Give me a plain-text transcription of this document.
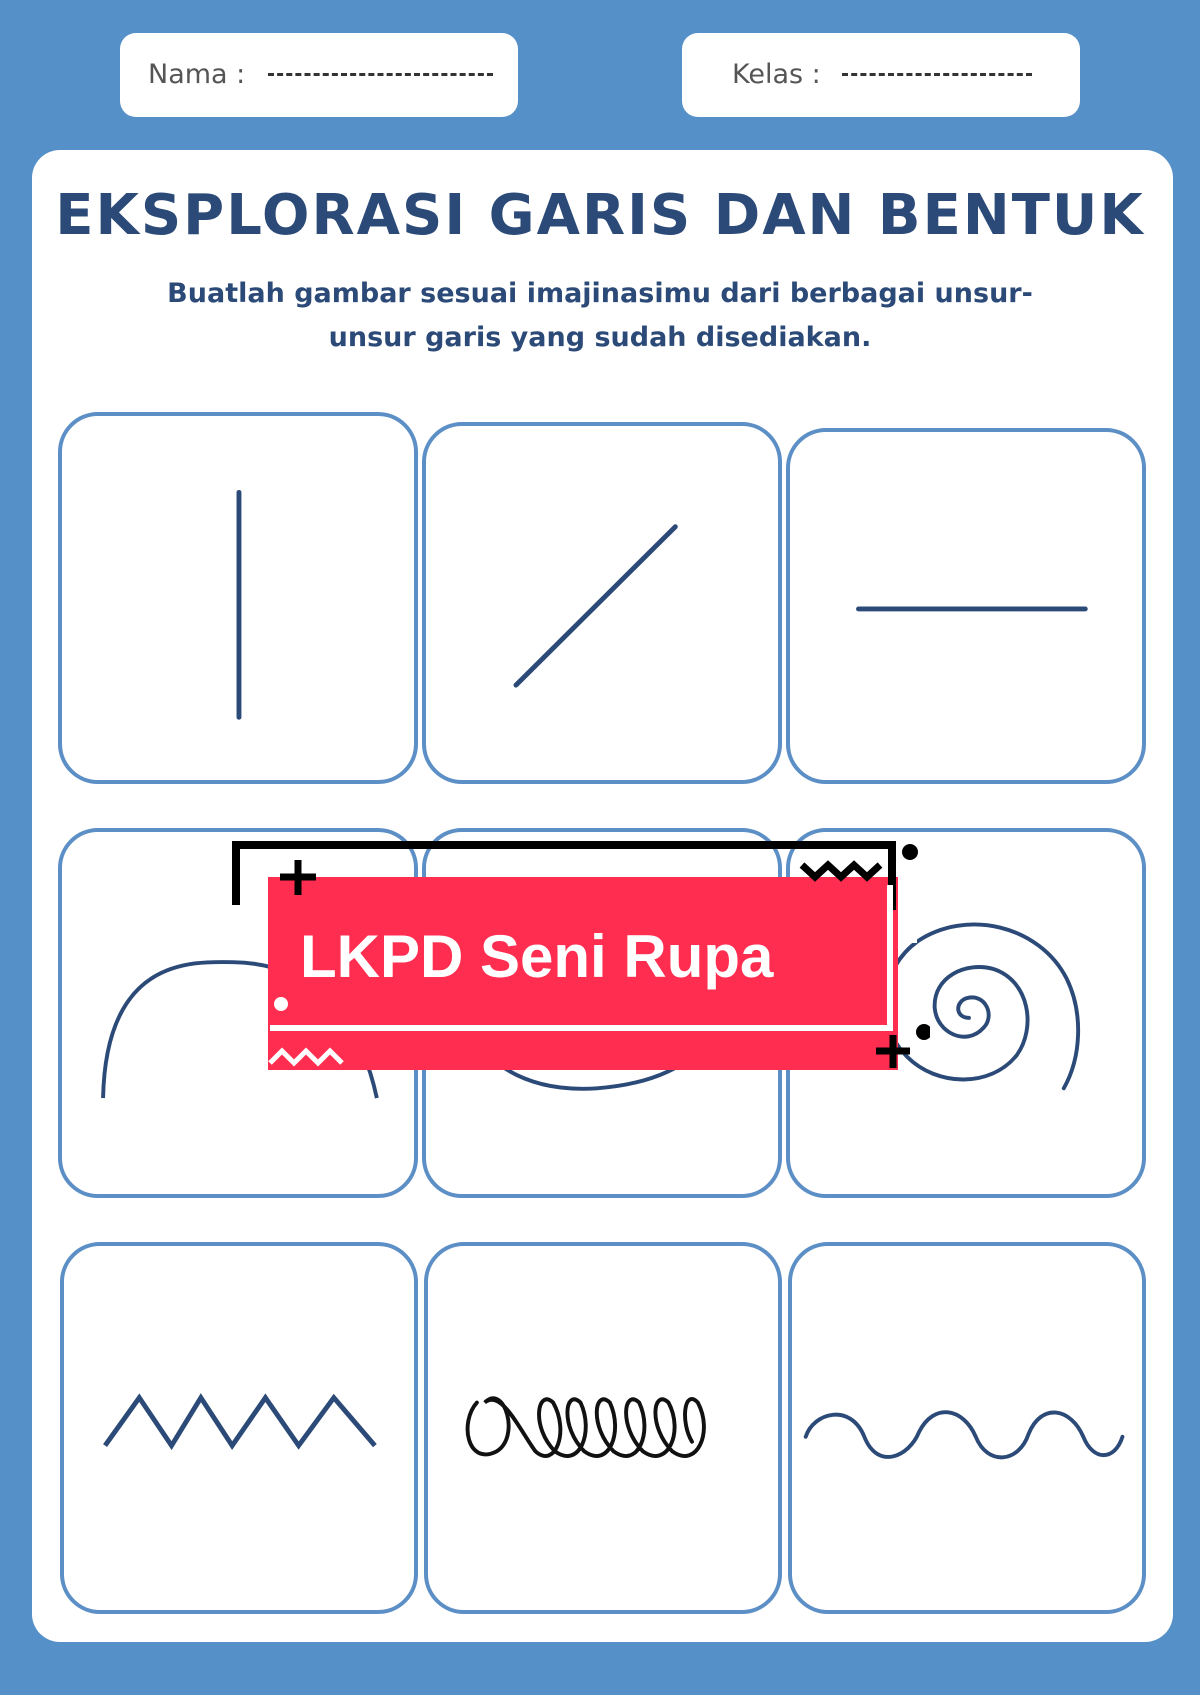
Nama :	Kelas :
EKSPLORASI GARIS DAN BENTUK
Buatlah gambar sesuai imajinasimu dari berbagai unsur-
unsur garis yang sudah disediakan.
LKPD Seni Rupa
